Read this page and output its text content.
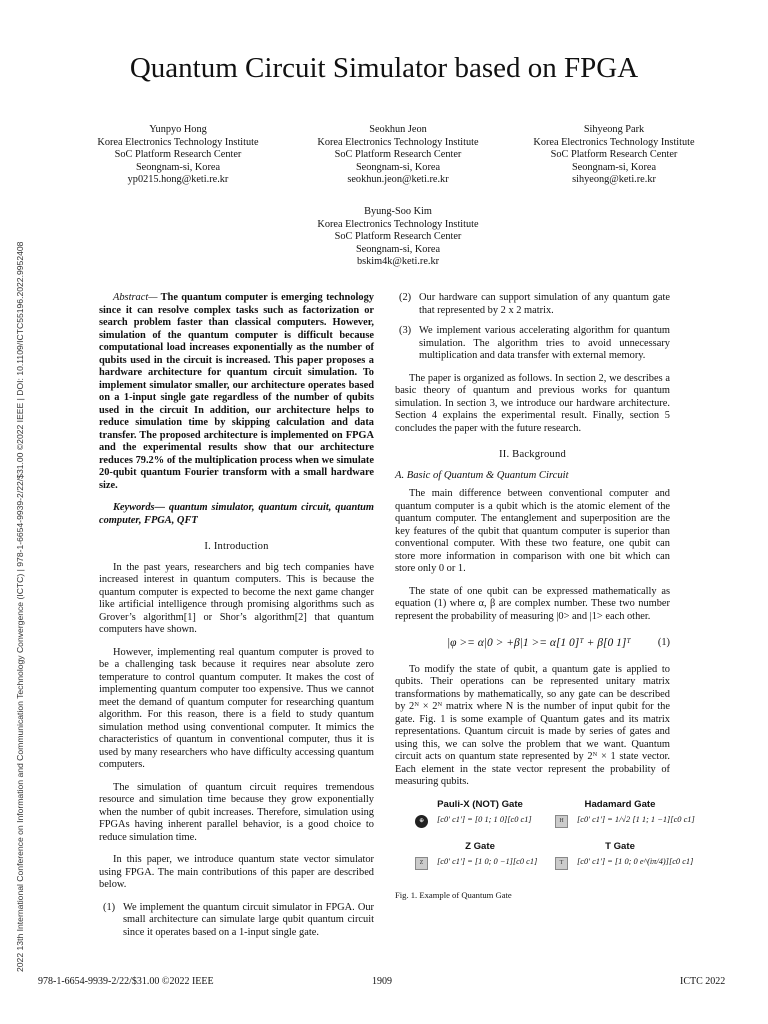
2022 13th International Conference on Information and Communication Technology Convergence (ICTC) | 978-1-6654-9939-2/22/$31.00 ©2022 IEEE | DOI: 10.1109/ICTC55196.2022.9952408
Quantum Circuit Simulator based on FPGA
Yunpyo Hong
Korea Electronics Technology Institute
SoC Platform Research Center
Seongnam-si, Korea
yp0215.hong@keti.re.kr
Seokhun Jeon
Korea Electronics Technology Institute
SoC Platform Research Center
Seongnam-si, Korea
seokhun.jeon@keti.re.kr
Sihyeong Park
Korea Electronics Technology Institute
SoC Platform Research Center
Seongnam-si, Korea
sihyeong@keti.re.kr
Byung-Soo Kim
Korea Electronics Technology Institute
SoC Platform Research Center
Seongnam-si, Korea
bskim4k@keti.re.kr

Abstract— The quantum computer is emerging technology since it can resolve complex tasks such as factorization or search problem faster than classical computers. However, simulation of the quantum computer is difficult because computational load increases exponentially as the number of qubits used in the circuit is increased. This paper proposes a hardware architecture for quantum circuit simulation. To implement simulator smaller, our architecture operates based on a 1-input single gate regardless of the number of qubits used in the circuit In addition, our architecture helps to reduce simulation time by skipping calculation and data transfer. The proposed architecture is implemented on FPGA and the experimental results show that our architecture reduces 79.2% of the multiplication process when we simulate 20-qubit quantum Fourier transform with a small hardware size.

Keywords— quantum simulator, quantum circuit, quantum computer, FPGA, QFT

I. Introduction

In the past years, researchers and big tech companies have increased interest in quantum computers. This is because the quantum computer is expected to become the next game changer like artificial intelligence through promising algorithms such as Grover’s algorithm[1] or Shor’s algorithm[2] that quantum computers have shown.

However, implementing real quantum computer is proved to be a challenging task because it requires near absolute zero temperature to control quantum computer. It makes the cost of implementing quantum computer too expensive. Thus we cannot meet the demand of quantum computer for researching quantum algorithm. For this reason, there is a field to study quantum simulation method using conventional computer. It mimics the characteristics of quantum in conventional computer, thus it is used by many researchers who have difficulty accessing quantum computers.

The simulation of quantum circuit requires tremendous resource and simulation time because they grow exponentially when the number of qubit increases. Therefore, simulation using FPGAs having inherent parallel behavior, is a good choice to reduce simulation time.

In this paper, we introduce quantum state vector simulator using FPGA. The main contributions of this paper are described below.

(1) We implement the quantum circuit simulator in FPGA. Our small architecture can simulate large qubit quantum circuit since it operates based on a 1-input single gate.
(2) Our hardware can support simulation of any quantum gate that represented by 2 x 2 matrix.
(3) We implement various accelerating algorithm for quantum simulation. The algorithm tries to avoid unnecessary multiplication and data transfer with external memory.

The paper is organized as follows. In section 2, we describes a basic theory of quantum and previous works for quantum simulation. In section 3, we introduce our hardware architecture. Section 4 explains the experimental result. Finally, section 5 concludes the paper with the future research.

II. Background
A. Basic of Quantum & Quantum Circuit

The main difference between conventional computer and quantum computer is a qubit which is the atomic element of the quantum computer. The entanglement and superposition are the key features of the qubit that quantum computer is superior than conventional computer. With these two feature, one qubit can store more information in comparison with one bit which can store only 0 or 1.

The state of one qubit can be expressed mathematically as equation (1) where α, β are complex number. These two number represent the probability of measuring |0> and |1> each other.

|φ >= α|0 > +β|1 >= α[1 0]ᵀ + β[0 1]ᵀ	(1)

To modify the state of qubit, a quantum gate is applied to qubits. Their operations can be represented unitary matrix transformations by mathematically, so any gate can be described by 2ᴺ × 2ᴺ matrix where N is the number of input qubit for the gate. Fig. 1 is some example of Quantum gates and its matrix representations. Quantum circuit is made by series of gates and using this, we can solve the problem that we want. Quantum circuit acts on quantum state represented by 2ᴺ × 1 state vector. Each element in the state vector represent the probability of measuring qubits.

Pauli-X (NOT) Gate
⊕	[c0′ c1′] = [0 1; 1 0][c0 c1]
Hadamard Gate
H	[c0′ c1′] = 1/√2 [1 1; 1 −1][c0 c1]
Z Gate
Z	[c0′ c1′] = [1 0; 0 −1][c0 c1]
T Gate
T	[c0′ c1′] = [1 0; 0 e^(iπ/4)][c0 c1]
Fig. 1. Example of Quantum Gate
978-1-6654-9939-2/22/$31.00 ©2022 IEEE	1909	ICTC 2022
